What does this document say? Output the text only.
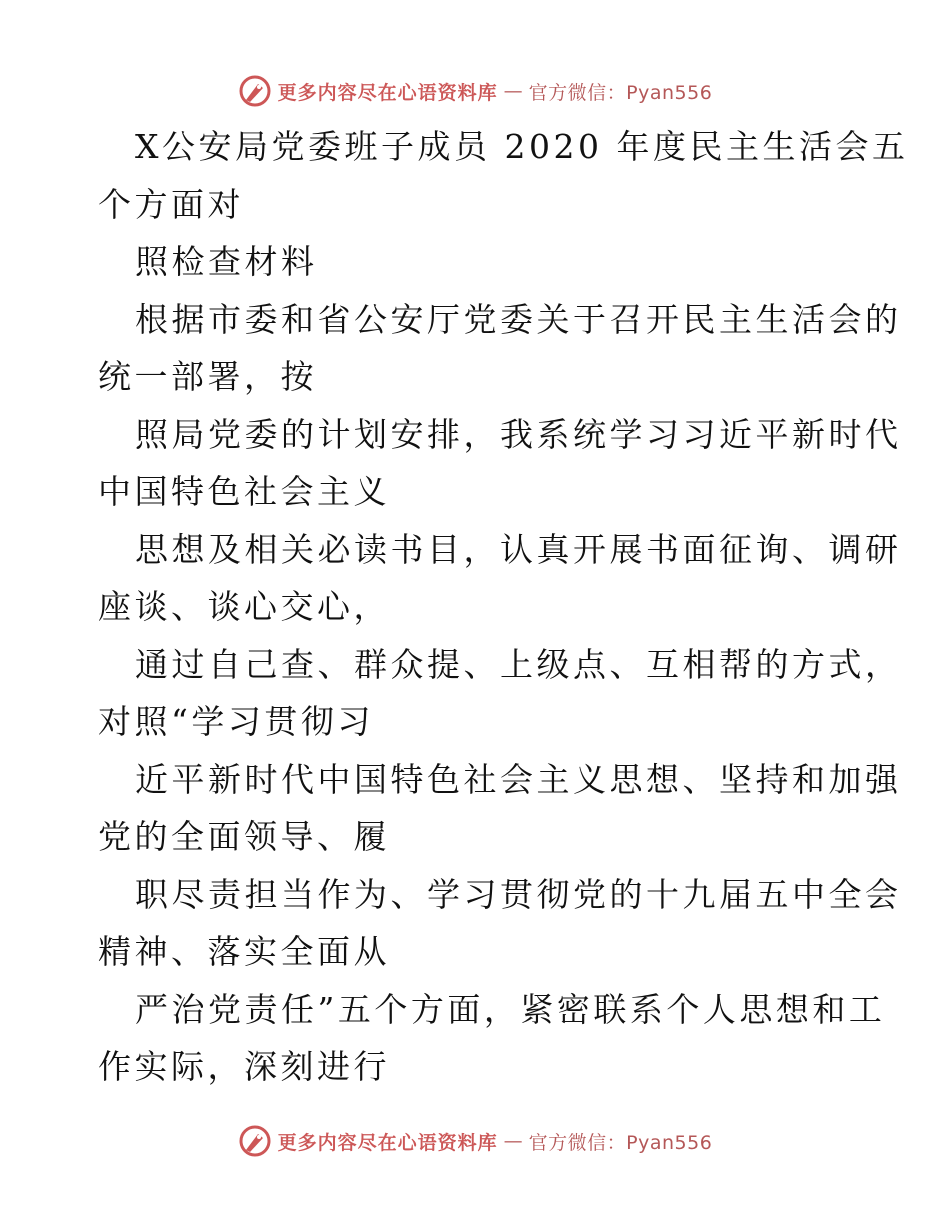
更多内容尽在心语资料库 — 官方微信：Pyan556
X公安局党委班子成员 2020 年度民主生活会五
个方面对
照检查材料
根据市委和省公安厅党委关于召开民主生活会的
统一部署，按
照局党委的计划安排，我系统学习习近平新时代
中国特色社会主义
思想及相关必读书目，认真开展书面征询、调研
座谈、谈心交心，
通过自己查、群众提、上级点、互相帮的方式，
对照“学习贯彻习
近平新时代中国特色社会主义思想、坚持和加强
党的全面领导、履
职尽责担当作为、学习贯彻党的十九届五中全会
精神、落实全面从
严治党责任”五个方面，紧密联系个人思想和工
作实际，深刻进行
更多内容尽在心语资料库 — 官方微信：Pyan556
